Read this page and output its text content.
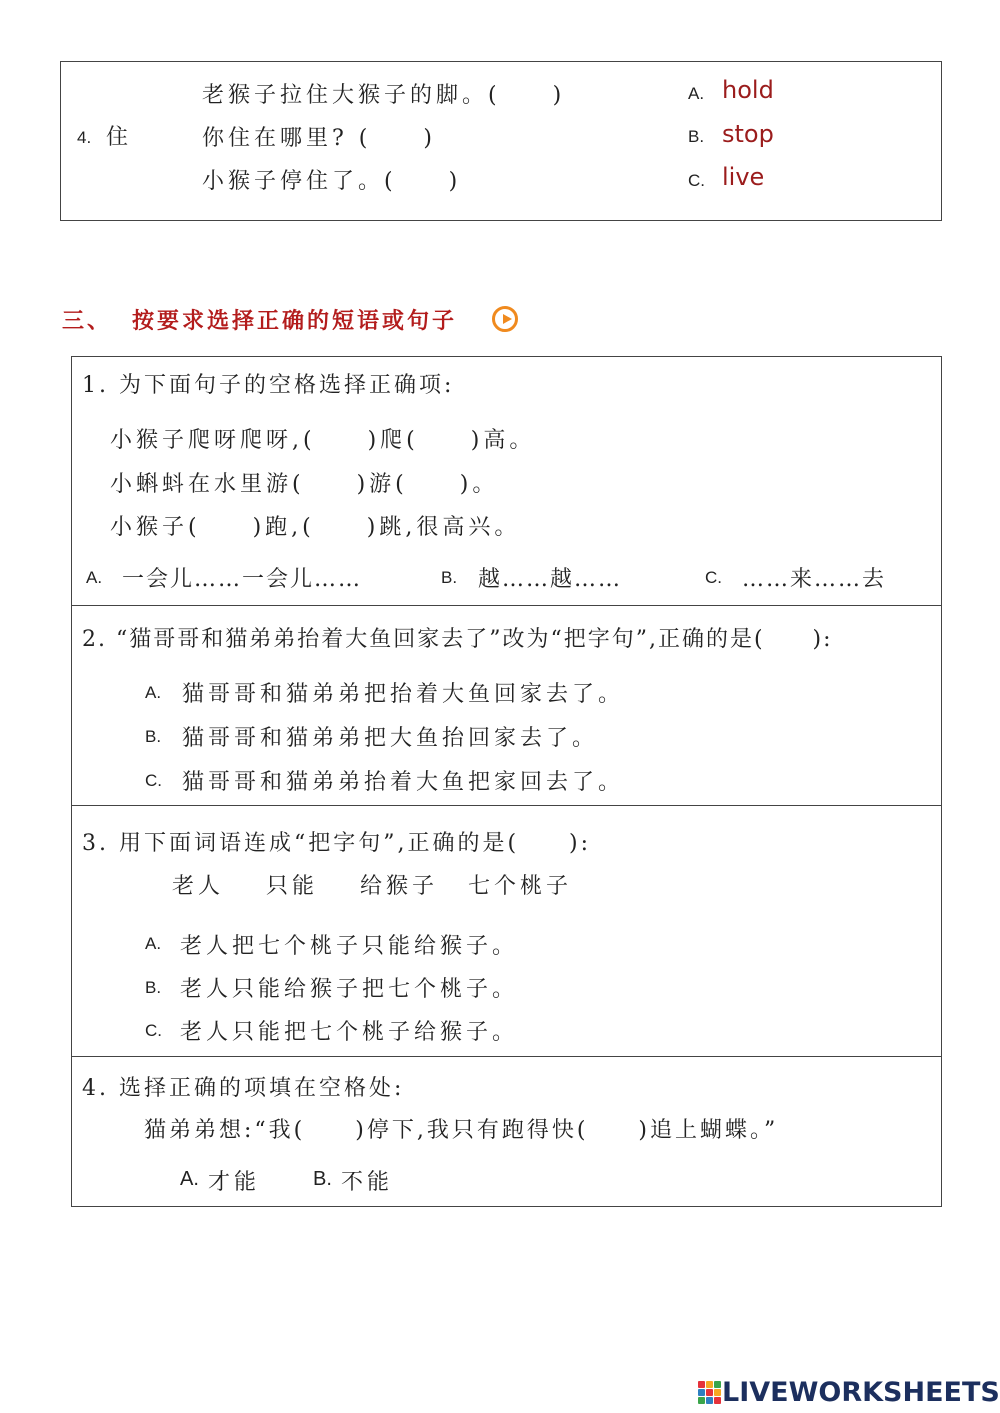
4. 住
老猴子拉住大猴子的脚。(　　)
你住在哪里? (　　)
小猴子停住了。(　　)
A. hold
B. stop
C. live
三、 按要求选择正确的短语或句子
1. 为下面句子的空格选择正确项:
小猴子爬呀爬呀,(　　)爬(　　)高。
小蝌蚪在水里游(　　)游(　　)。
小猴子(　　)跑,(　　)跳,很高兴。
A. 一会儿……一会儿……	B. 越……越……	C. ……来……去
2. “猫哥哥和猫弟弟抬着大鱼回家去了”改为“把字句”,正确的是(　　):
A. 猫哥哥和猫弟弟把抬着大鱼回家去了。
B. 猫哥哥和猫弟弟把大鱼抬回家去了。
C. 猫哥哥和猫弟弟抬着大鱼把家回去了。
3. 用下面词语连成“把字句”,正确的是(　　):
老人 只能 给猴子 七个桃子
A. 老人把七个桃子只能给猴子。
B. 老人只能给猴子把七个桃子。
C. 老人只能把七个桃子给猴子。
4. 选择正确的项填在空格处:
猫弟弟想:“我(　　)停下,我只有跑得快(　　)追上蝴蝶。”
A. 才能	B. 不能
LIVEWORKSHEETS
